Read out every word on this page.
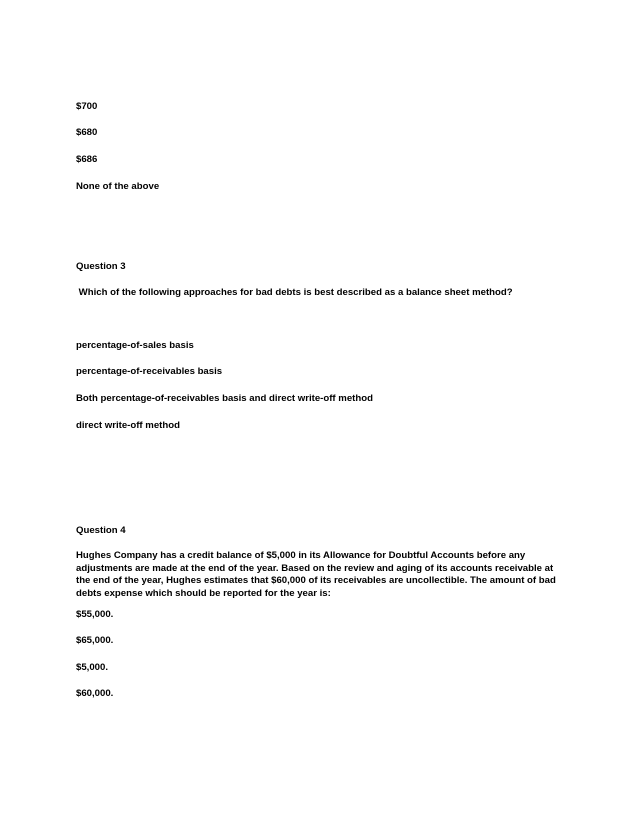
$700
$680
$686
None of the above
Question 3
Which of the following approaches for bad debts is best described as a balance sheet method?
percentage-of-sales basis
percentage-of-receivables basis
Both percentage-of-receivables basis and direct write-off method
direct write-off method
Question 4
Hughes Company has a credit balance of $5,000 in its Allowance for Doubtful Accounts before any adjustments are made at the end of the year. Based on the review and aging of its accounts receivable at the end of the year, Hughes estimates that $60,000 of its receivables are uncollectible. The amount of bad debts expense which should be reported for the year is:
$55,000.
$65,000.
$5,000.
$60,000.
